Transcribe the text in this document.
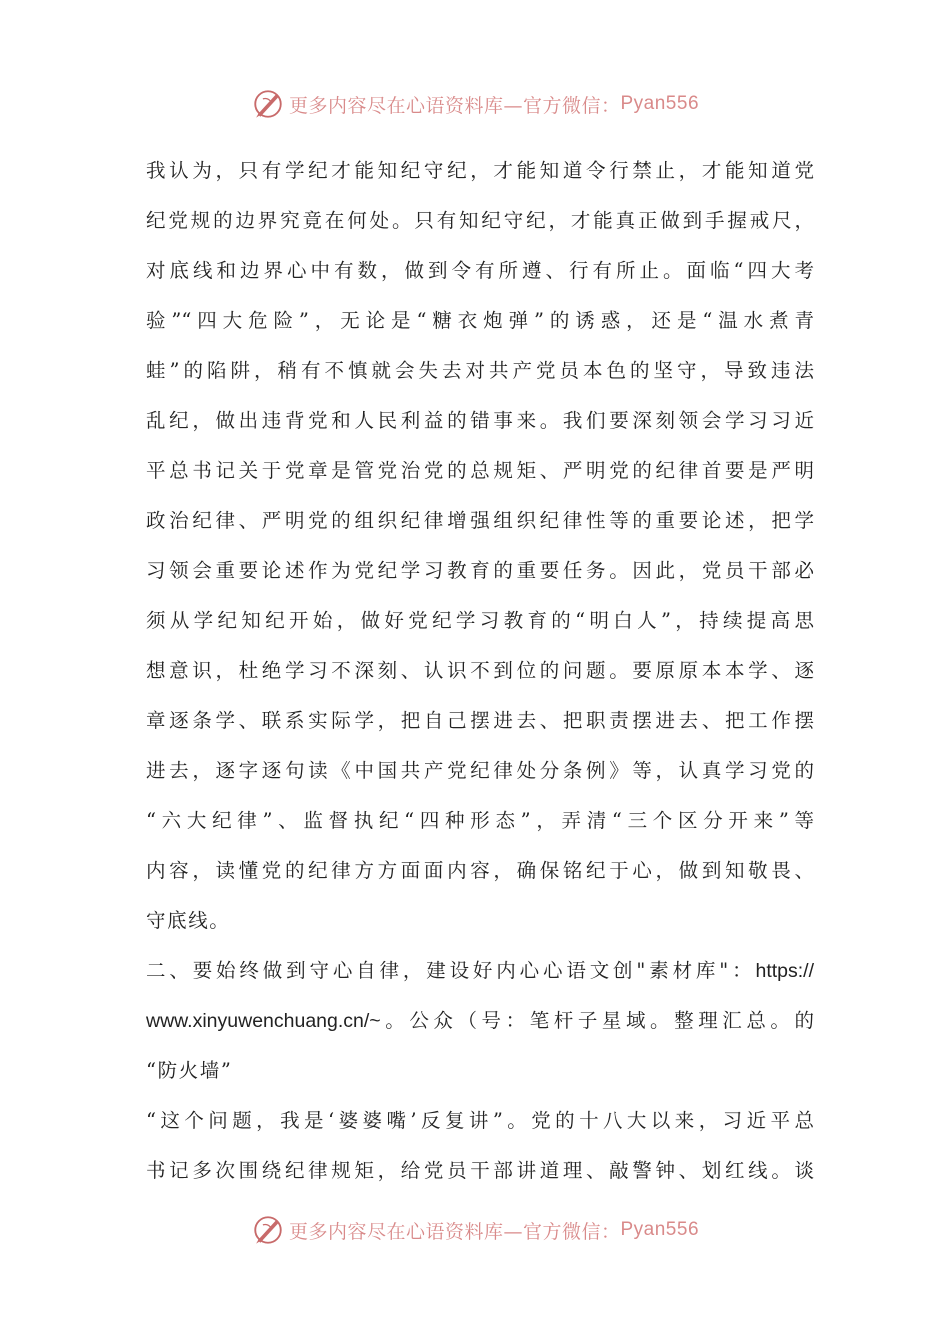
更多内容尽在心语资料库—官方微信： Pyan556
我认为，只有学纪才能知纪守纪，才能知道令行禁止，才能知道党
纪党规的边界究竟在何处。只有知纪守纪，才能真正做到手握戒尺，
对底线和边界心中有数，做到令有所遵、行有所止。面临“四大考
验”“四大危险”，无论是“糖衣炮弹”的诱惑，还是“温水煮青
蛙”的陷阱，稍有不慎就会失去对共产党员本色的坚守，导致违法
乱纪，做出违背党和人民利益的错事来。我们要深刻领会学习习近
平总书记关于党章是管党治党的总规矩、严明党的纪律首要是严明
政治纪律、严明党的组织纪律增强组织纪律性等的重要论述，把学
习领会重要论述作为党纪学习教育的重要任务。因此，党员干部必
须从学纪知纪开始，做好党纪学习教育的“明白人”，持续提高思
想意识，杜绝学习不深刻、认识不到位的问题。要原原本本学、逐
章逐条学、联系实际学，把自己摆进去、把职责摆进去、把工作摆
进去，逐字逐句读《中国共产党纪律处分条例》等，认真学习党的
“六大纪律”、监督执纪“四种形态”，弄清“三个区分开来”等
内容，读懂党的纪律方方面面内容，确保铭纪于心，做到知敬畏、
守底线。
二、要始终做到守心自律，建设好内心心语文创"素材库"：https://
www.xinyuwenchuang.cn/~。公众（号：笔杆子星域。整理汇总。的
“防火墙”
“这个问题，我是‘婆婆嘴’反复讲”。党的十八大以来，习近平总
书记多次围绕纪律规矩，给党员干部讲道理、敲警钟、划红线。谈
更多内容尽在心语资料库—官方微信： Pyan556
